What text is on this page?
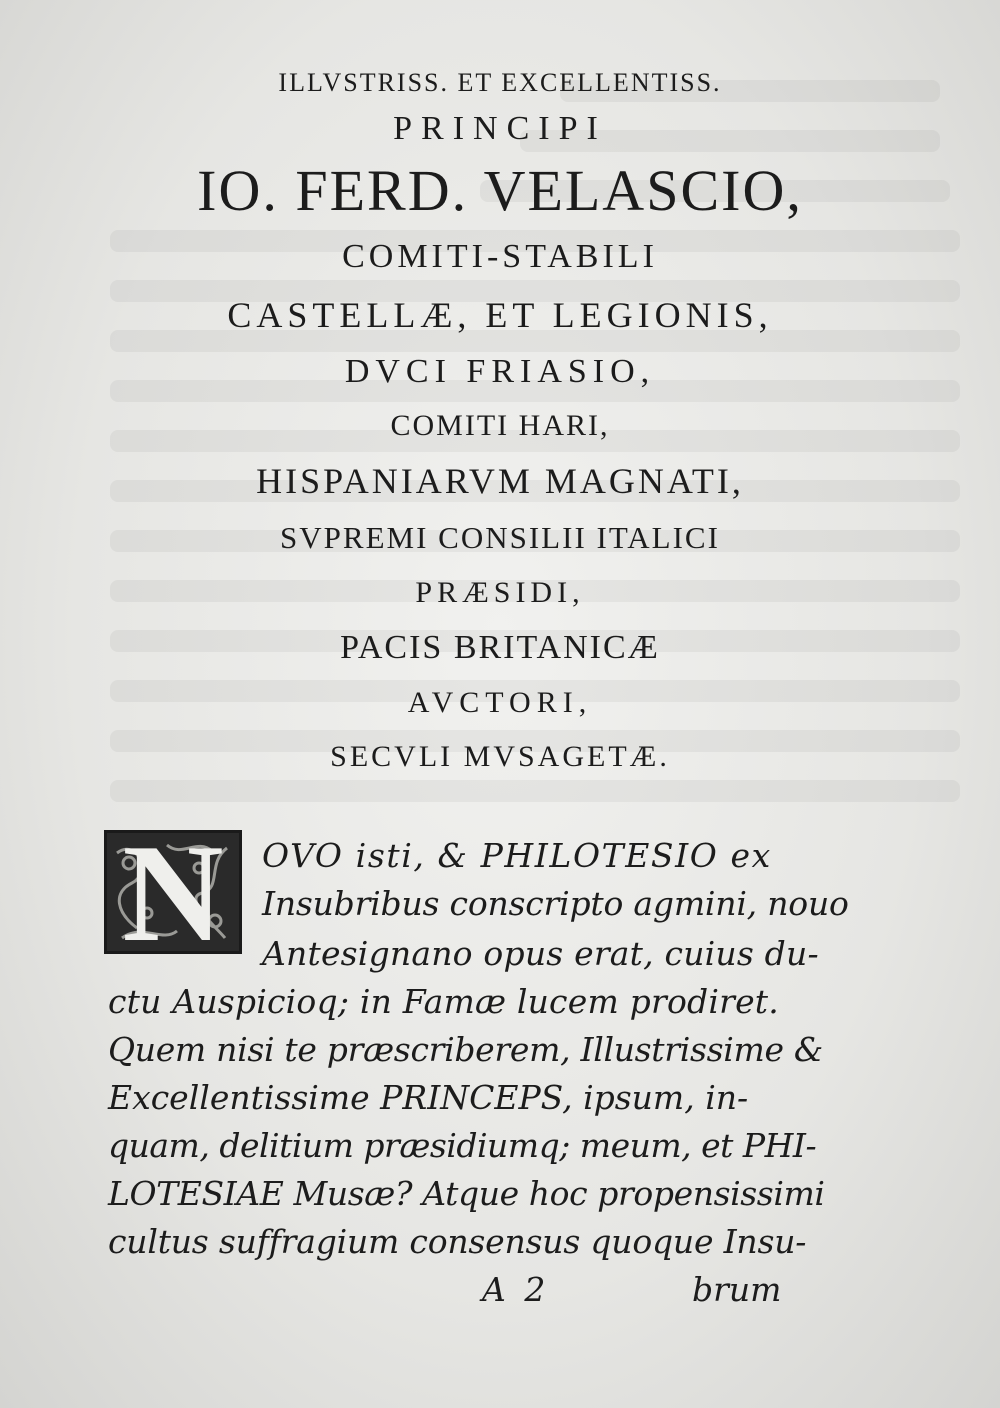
ILLVSTRISS. ET EXCELLENTISS.
PRINCIPI
IO. FERD. VELASCIO,
COMITI-STABILI
CASTELLÆ, ET LEGIONIS,
DVCI FRIASIO,
COMITI HARI,
HISPANIARVM MAGNATI,
SVPREMI CONSILII ITALICI
PRÆSIDI,
PACIS BRITANICÆ
AVCTORI,
SECVLI MVSAGETÆ.
N	OVO isti, & PHILOTESIO ex
Insubribus conscripto agmini, nouo
Antesignano opus erat, cuius du-
ctu Auspicioq; in Famæ lucem prodiret.
Quem nisi te præscriberem, Illustrissime &
Excellentissime PRINCEPS, ipsum, in-
quam, delitium præsidiumq; meum, et PHI-
LOTESIAE Musæ? Atque hoc propensissimi
cultus suffragium consensus quoque Insu-
A 2	brum
